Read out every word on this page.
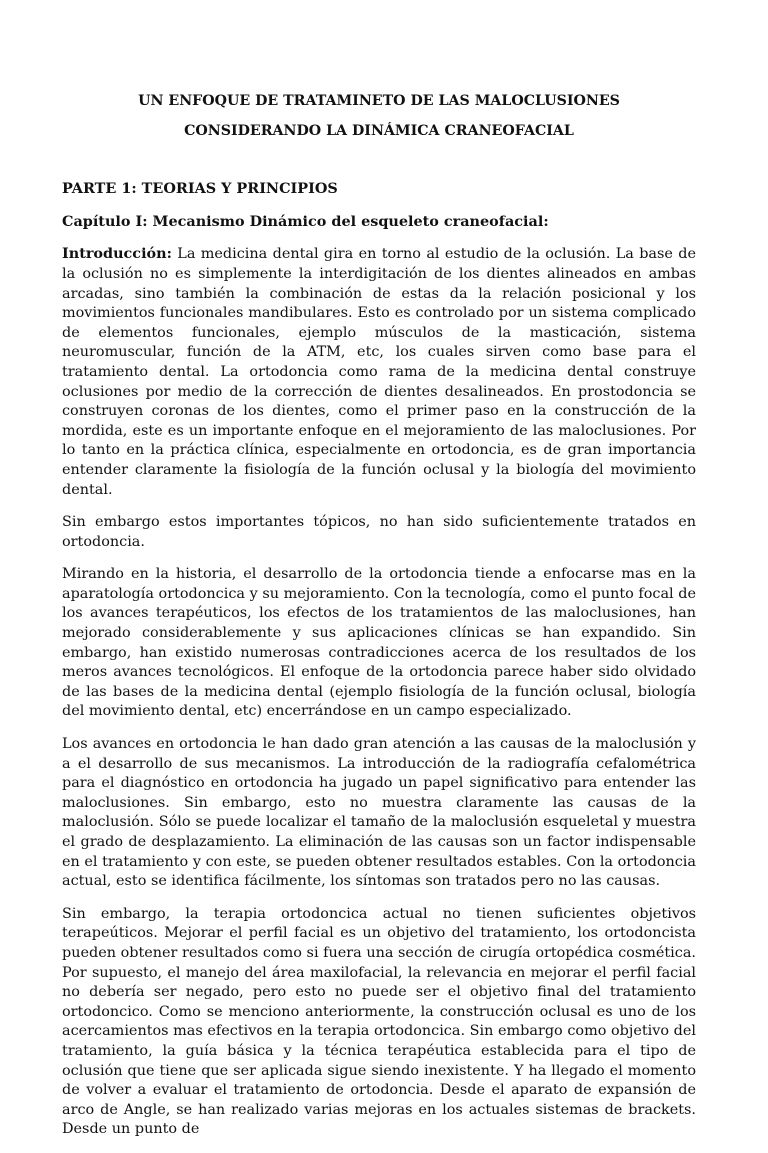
UN ENFOQUE DE TRATAMINETO DE LAS MALOCLUSIONES

CONSIDERANDO LA DINÁMICA CRANEOFACIAL

PARTE 1: TEORIAS Y PRINCIPIOS

Capítulo I: Mecanismo Dinámico del esqueleto craneofacial:

Introducción: La medicina dental gira en torno al estudio de la oclusión. La base de la oclusión no es simplemente la interdigitación de los dientes alineados en ambas arcadas, sino también la combinación de estas da la relación posicional y los movimientos funcionales mandibulares. Esto es controlado por un sistema complicado de elementos funcionales, ejemplo músculos de la masticación, sistema neuromuscular, función de la ATM, etc, los cuales sirven como base para el tratamiento dental. La ortodoncia como rama de la medicina dental construye oclusiones por medio de la corrección de dientes desalineados. En prostodoncia se construyen coronas de los dientes, como el primer paso en la construcción de la mordida, este es un importante enfoque en el mejoramiento de las maloclusiones. Por lo tanto en la práctica clínica, especialmente en ortodoncia, es de gran importancia entender claramente la fisiología de la función oclusal y la biología del movimiento dental.

Sin embargo estos importantes tópicos, no han sido suficientemente tratados en ortodoncia.

Mirando en la historia, el desarrollo de la ortodoncia tiende a enfocarse mas en la aparatología ortodoncica y su mejoramiento. Con la tecnología, como el punto focal de los avances terapéuticos, los efectos de los tratamientos de las maloclusiones, han mejorado considerablemente y sus aplicaciones clínicas se han expandido. Sin embargo, han existido numerosas contradicciones acerca de los resultados de los meros avances tecnológicos. El enfoque de la ortodoncia parece haber sido olvidado de las bases de la medicina dental (ejemplo fisiología de la función oclusal, biología del movimiento dental, etc) encerrándose en un campo especializado.

Los avances en ortodoncia le han dado gran atención a las causas de la maloclusión y a el desarrollo de sus mecanismos. La introducción de la radiografía cefalométrica para el diagnóstico en ortodoncia ha jugado un papel significativo para entender las maloclusiones. Sin embargo, esto no muestra claramente las causas de la maloclusión. Sólo se puede localizar el tamaño de la maloclusión esqueletal y muestra el grado de desplazamiento. La eliminación de las causas son un factor indispensable en el tratamiento y con este, se pueden obtener resultados estables. Con la ortodoncia actual, esto se identifica fácilmente, los síntomas son tratados pero no las causas.

Sin embargo, la terapia ortodoncica actual no tienen suficientes objetivos terapeúticos. Mejorar el perfil facial es un objetivo del tratamiento, los ortodoncista pueden obtener resultados como si fuera una sección de cirugía ortopédica cosmética. Por supuesto, el manejo del área maxilofacial, la relevancia en mejorar el perfil facial no debería ser negado, pero esto no puede ser el objetivo final del tratamiento ortodoncico. Como se menciono anteriormente, la construcción oclusal es uno de los acercamientos mas efectivos en la terapia ortodoncica. Sin embargo como objetivo del tratamiento, la guía básica y la técnica terapéutica establecida para el tipo de oclusión que tiene que ser aplicada sigue siendo inexistente. Y ha llegado el momento de volver a evaluar el tratamiento de ortodoncia. Desde el aparato de expansión de arco de Angle, se han realizado varias mejoras en los actuales sistemas de brackets. Desde un punto de
